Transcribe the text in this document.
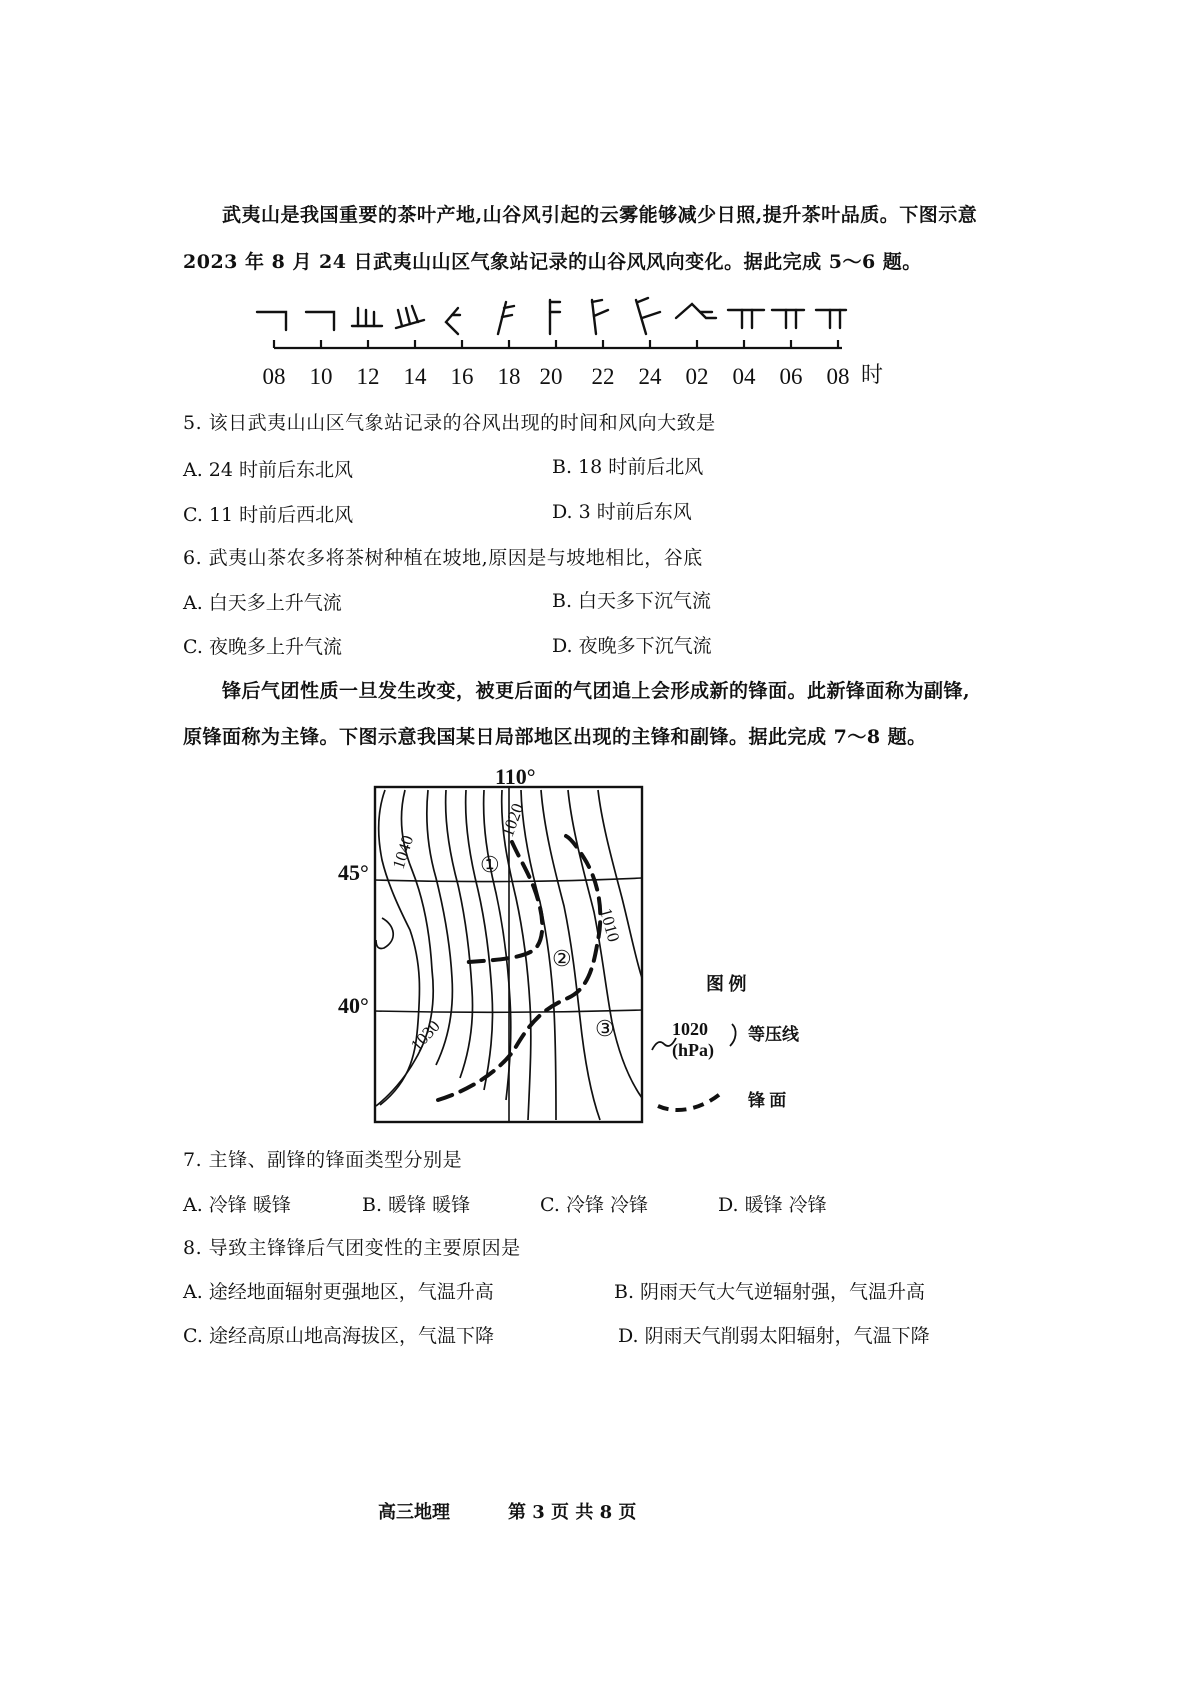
武夷山是我国重要的茶叶产地,山谷风引起的云雾能够减少日照,提升茶叶品质。下图示意
2023 年 8 月 24 日武夷山山区气象站记录的山谷风风向变化。据此完成 5～6 题。
08 10 12 14 16 18 20 22 24 02 04 06 08 时
5. 该日武夷山山区气象站记录的谷风出现的时间和风向大致是
A. 24 时前后东北风	B. 18 时前后北风
C. 11 时前后西北风	D. 3 时前后东风
6. 武夷山茶农多将茶树种植在坡地,原因是与坡地相比，谷底
A. 白天多上升气流	B. 白天多下沉气流
C. 夜晚多上升气流	D. 夜晚多下沉气流
锋后气团性质一旦发生改变，被更后面的气团追上会形成新的锋面。此新锋面称为副锋,
原锋面称为主锋。下图示意我国某日局部地区出现的主锋和副锋。据此完成 7～8 题。
110°
45°
40°
1040
1030
1020
1010
①
②
③
图 例
1020
(hPa)
等压线
锋 面
7. 主锋、副锋的锋面类型分别是
A. 冷锋 暖锋	B. 暖锋 暖锋	C. 冷锋 冷锋	D. 暖锋 冷锋
8. 导致主锋锋后气团变性的主要原因是
A. 途经地面辐射更强地区，气温升高	B. 阴雨天气大气逆辐射强，气温升高
C. 途经高原山地高海拔区，气温下降	D. 阴雨天气削弱太阳辐射，气温下降
高三地理	第 3 页 共 8 页
